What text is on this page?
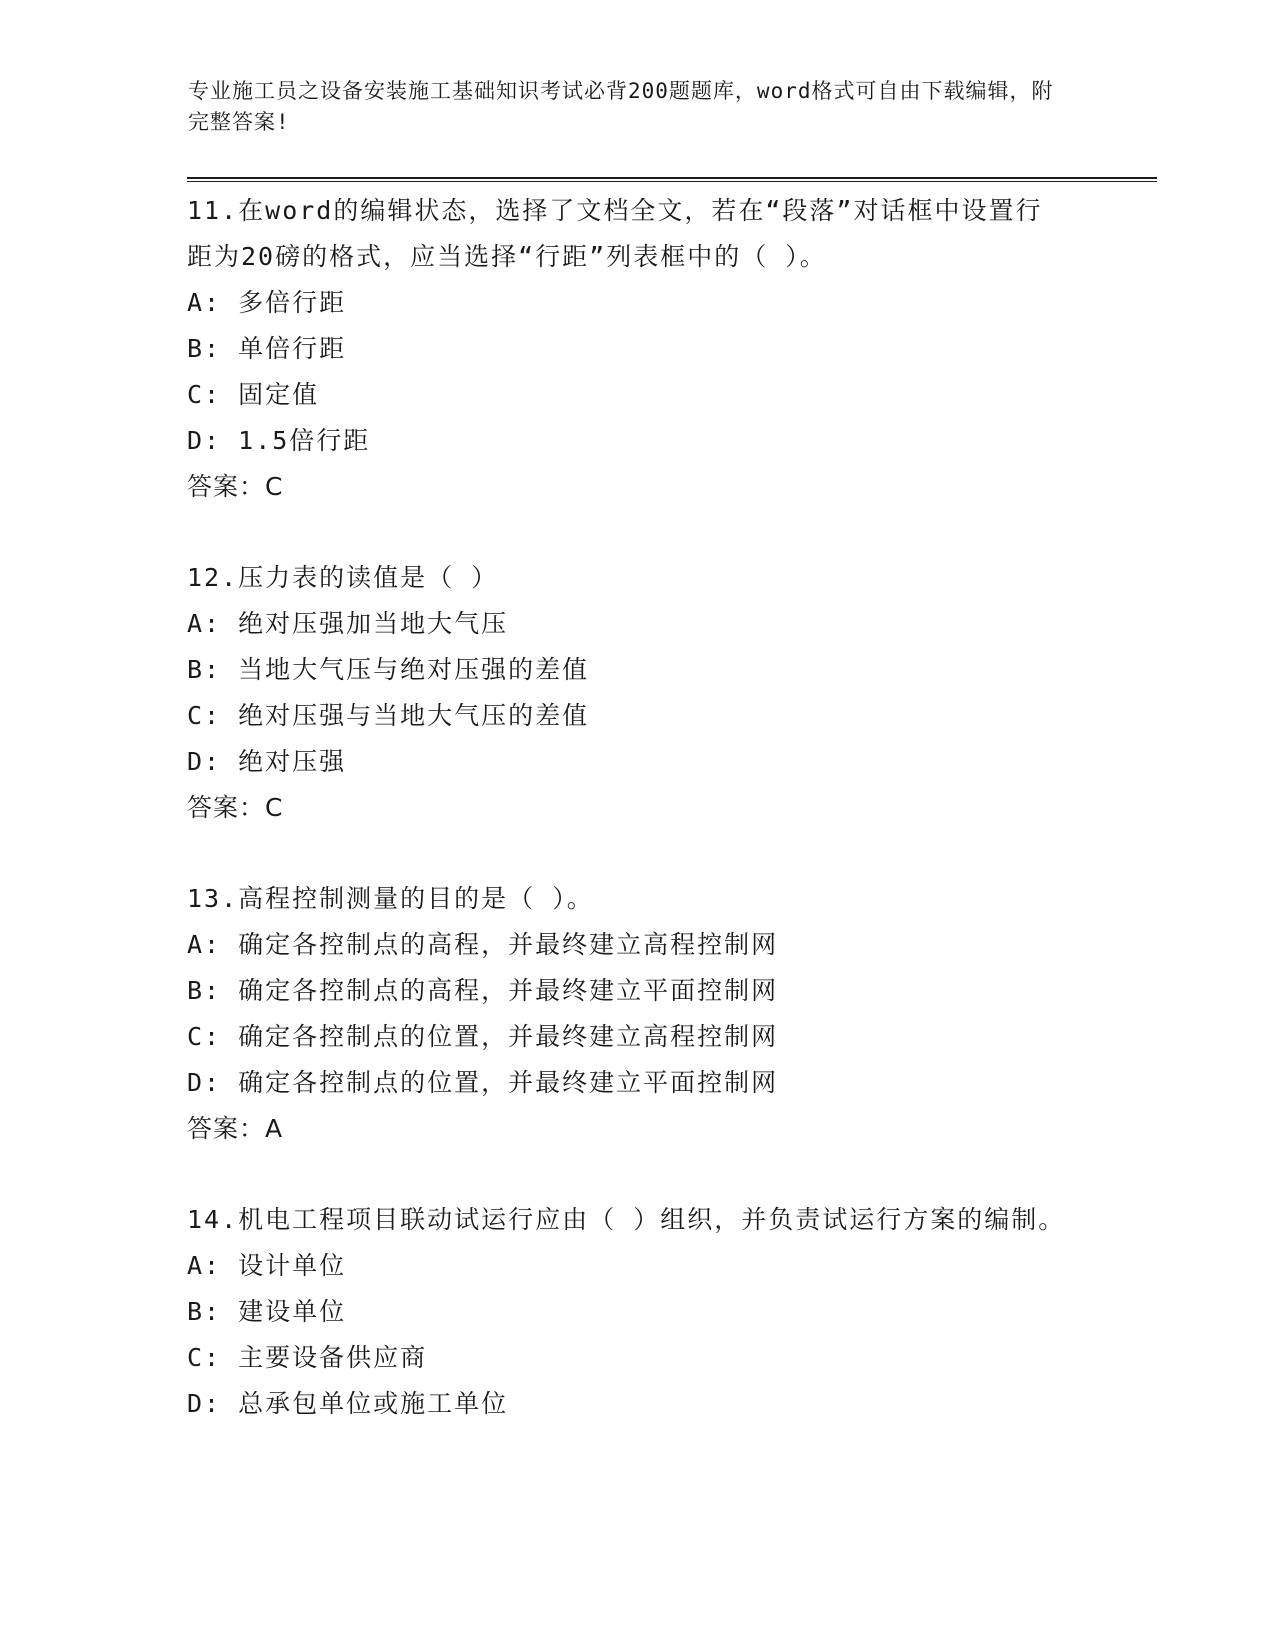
专业施工员之设备安装施工基础知识考试必背200题题库，word格式可自由下载编辑，附完整答案!
11.在word的编辑状态，选择了文档全文，若在“段落”对话框中设置行距为20磅的格式，应当选择“行距”列表框中的（ ）。
A: 多倍行距
B: 单倍行距
C: 固定值
D: 1.5倍行距
答案：C
12.压力表的读值是（ ）
A: 绝对压强加当地大气压
B: 当地大气压与绝对压强的差值
C: 绝对压强与当地大气压的差值
D: 绝对压强
答案：C
13.高程控制测量的目的是（ ）。
A: 确定各控制点的高程，并最终建立高程控制网
B: 确定各控制点的高程，并最终建立平面控制网
C: 确定各控制点的位置，并最终建立高程控制网
D: 确定各控制点的位置，并最终建立平面控制网
答案：A
14.机电工程项目联动试运行应由（ ）组织，并负责试运行方案的编制。
A: 设计单位
B: 建设单位
C: 主要设备供应商
D: 总承包单位或施工单位
